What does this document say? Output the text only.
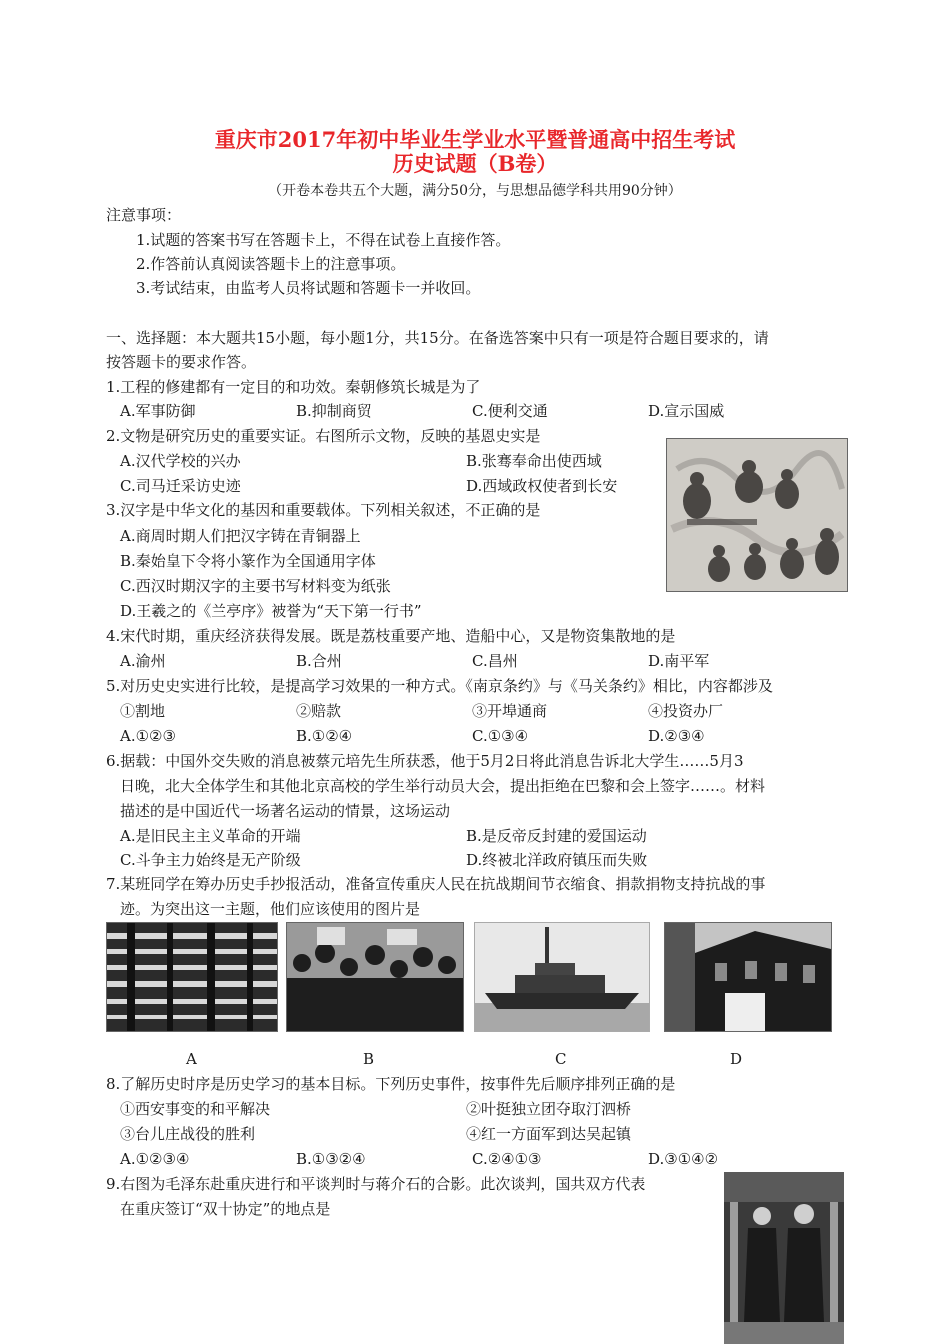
重庆市2017年初中毕业生学业水平暨普通高中招生考试
历史试题（B卷）
（开卷本卷共五个大题，满分50分，与思想品德学科共用90分钟）
注意事项：
1.试题的答案书写在答题卡上，不得在试卷上直接作答。
2.作答前认真阅读答题卡上的注意事项。
3.考试结束，由监考人员将试题和答题卡一并收回。
一、选择题：本大题共15小题，每小题1分，共15分。在备选答案中只有一项是符合题目要求的，请
按答题卡的要求作答。
1.工程的修建都有一定目的和功效。秦朝修筑长城是为了
A.军事防御	B.抑制商贸	C.便利交通	D.宣示国威
2.文物是研究历史的重要实证。右图所示文物，反映的基恩史实是
A.汉代学校的兴办	B.张骞奉命出使西域
C.司马迁采访史迹	D.西域政权使者到长安
3.汉字是中华文化的基因和重要载体。下列相关叙述，不正确的是
A.商周时期人们把汉字铸在青铜器上
B.秦始皇下令将小篆作为全国通用字体
C.西汉时期汉字的主要书写材料变为纸张
D.王羲之的《兰亭序》被誉为“天下第一行书”
4.宋代时期，重庆经济获得发展。既是荔枝重要产地、造船中心，又是物资集散地的是
A.渝州	B.合州	C.昌州	D.南平军
5.对历史史实进行比较，是提高学习效果的一种方式。《南京条约》与《马关条约》相比，内容都涉及
①割地	②赔款	③开埠通商	④投资办厂
A.①②③	B.①②④	C.①③④	D.②③④
6.据载：中国外交失败的消息被蔡元培先生所获悉，他于5月2日将此消息告诉北大学生……5月3
日晚，北大全体学生和其他北京高校的学生举行动员大会，提出拒绝在巴黎和会上签字……。材料
描述的是中国近代一场著名运动的情景，这场运动
A.是旧民主主义革命的开端	B.是反帝反封建的爱国运动
C.斗争主力始终是无产阶级	D.终被北洋政府镇压而失败
7.某班同学在筹办历史手抄报活动，准备宣传重庆人民在抗战期间节衣缩食、捐款捐物支持抗战的事
迹。为突出这一主题，他们应该使用的图片是
A	B	C	D
8.了解历史时序是历史学习的基本目标。下列历史事件，按事件先后顺序排列正确的是
①西安事变的和平解决	②叶挺独立团夺取汀泗桥
③台儿庄战役的胜利	④红一方面军到达吴起镇
A.①②③④	B.①③②④	C.②④①③	D.③①④②
9.右图为毛泽东赴重庆进行和平谈判时与蒋介石的合影。此次谈判，国共双方代表
在重庆签订“双十协定”的地点是
